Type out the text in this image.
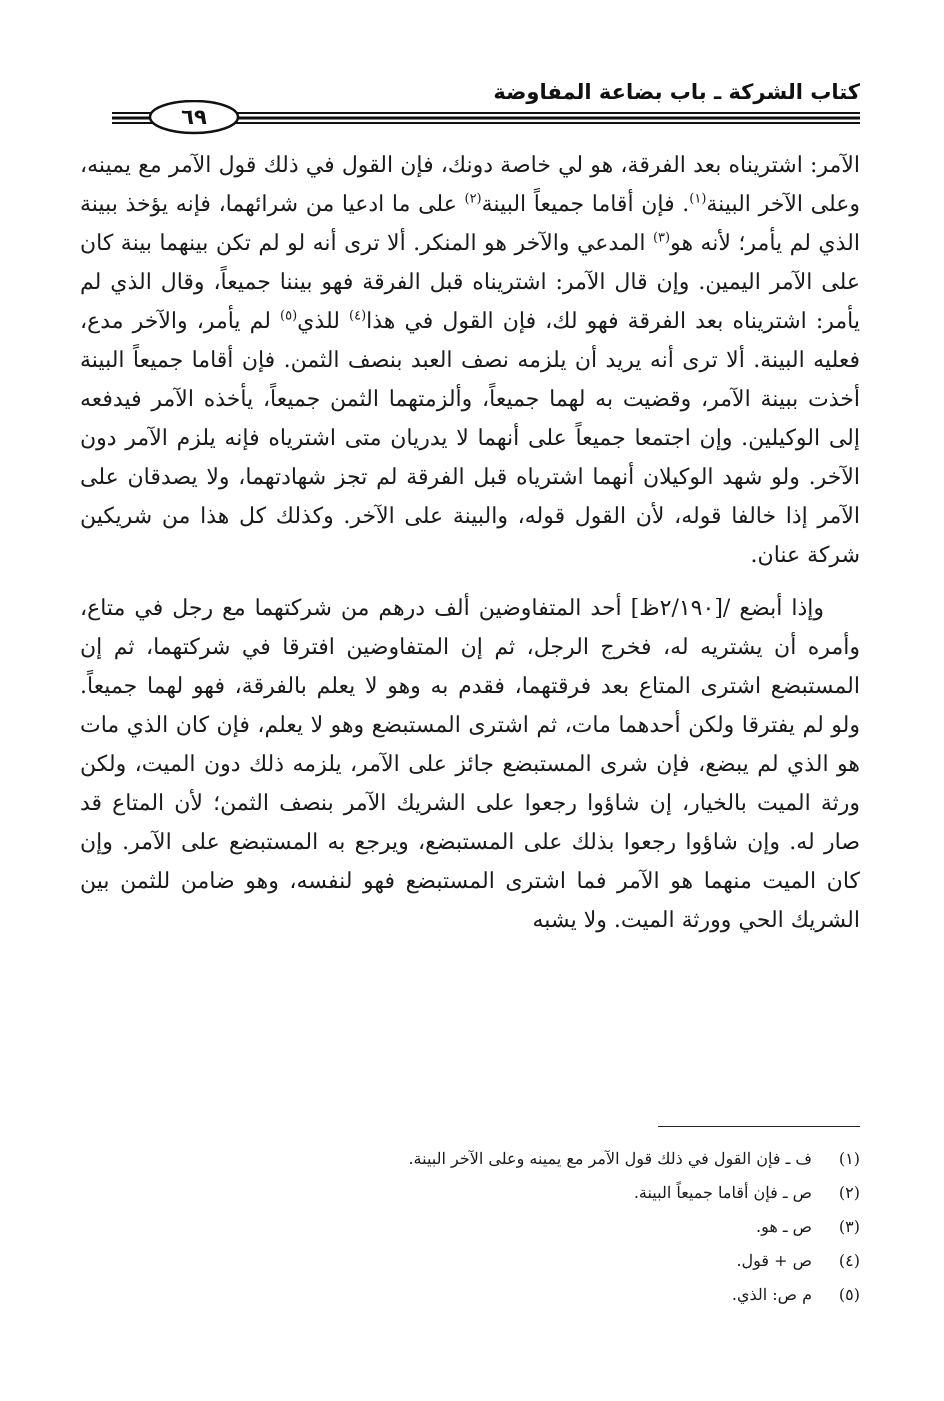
كتاب الشركة ـ باب بضاعة المفاوضة
٦٩

الآمر: اشتريناه بعد الفرقة، هو لي خاصة دونك، فإن القول في ذلك قول الآمر مع يمينه، وعلى الآخر البينة$^{(١)}$. فإن أقاما جميعاً البينة$^{(٢)}$ على ما ادعيا من شرائهما، فإنه يؤخذ ببينة الذي لم يأمر؛ لأنه هو$^{(٣)}$ المدعي والآخر هو المنكر. ألا ترى أنه لو لم تكن بينهما بينة كان على الآمر اليمين. وإن قال الآمر: اشتريناه قبل الفرقة فهو بيننا جميعاً، وقال الذي لم يأمر: اشتريناه بعد الفرقة فهو لك، فإن القول في هذا$^{(٤)}$ للذي$^{(٥)}$ لم يأمر، والآخر مدع، فعليه البينة. ألا ترى أنه يريد أن يلزمه نصف العبد بنصف الثمن. فإن أقاما جميعاً البينة أخذت ببينة الآمر، وقضيت به لهما جميعاً، وألزمتهما الثمن جميعاً، يأخذه الآمر فيدفعه إلى الوكيلين. وإن اجتمعا جميعاً على أنهما لا يدريان متى اشترياه فإنه يلزم الآمر دون الآخر. ولو شهد الوكيلان أنهما اشترياه قبل الفرقة لم تجز شهادتهما، ولا يصدقان على الآمر إذا خالفا قوله، لأن القول قوله، والبينة على الآخر. وكذلك كل هذا من شريكين شركة عنان.

وإذا أبضع /[٢/١٩٠ظ] أحد المتفاوضين ألف درهم من شركتهما مع رجل في متاع، وأمره أن يشتريه له، فخرج الرجل، ثم إن المتفاوضين افترقا في شركتهما، ثم إن المستبضع اشترى المتاع بعد فرقتهما، فقدم به وهو لا يعلم بالفرقة، فهو لهما جميعاً. ولو لم يفترقا ولكن أحدهما مات، ثم اشترى المستبضع وهو لا يعلم، فإن كان الذي مات هو الذي لم يبضع، فإن شرى المستبضع جائز على الآمر، يلزمه ذلك دون الميت، ولكن ورثة الميت بالخيار، إن شاؤوا رجعوا على الشريك الآمر بنصف الثمن؛ لأن المتاع قد صار له. وإن شاؤوا رجعوا بذلك على المستبضع، ويرجع به المستبضع على الآمر. وإن كان الميت منهما هو الآمر فما اشترى المستبضع فهو لنفسه، وهو ضامن للثمن بين الشريك الحي وورثة الميت. ولا يشبه

(١)ف ـ فإن القول في ذلك قول الآمر مع يمينه وعلى الآخر البينة.
(٢)ص ـ فإن أقاما جميعاً البينة.
(٣)ص ـ هو.
(٤)ص + قول.
(٥)م ص: الذي.
